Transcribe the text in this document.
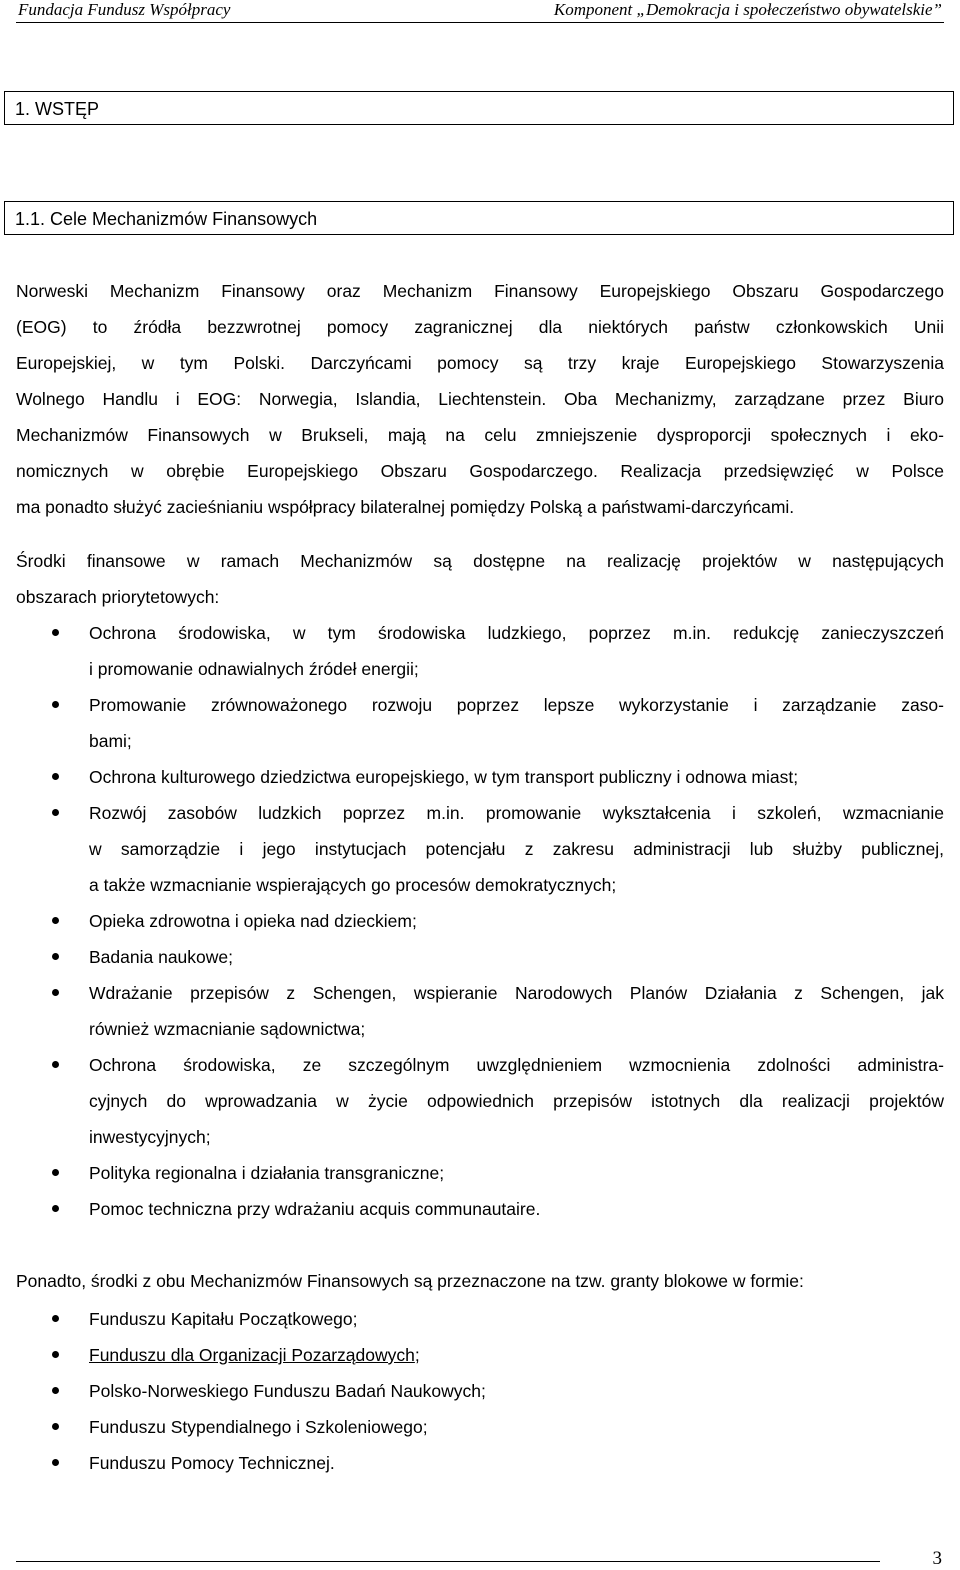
Fundacja Fundusz Współpracy	Komponent „Demokracja i społeczeństwo obywatelskie”
1. WSTĘP
1.1. Cele Mechanizmów Finansowych
Norweski Mechanizm Finansowy oraz Mechanizm Finansowy Europejskiego Obszaru Gospodarczego
(EOG) to źródła bezzwrotnej pomocy zagranicznej dla niektórych państw członkowskich Unii
Europejskiej, w tym Polski. Darczyńcami pomocy są trzy kraje Europejskiego Stowarzyszenia
Wolnego Handlu i EOG: Norwegia, Islandia, Liechtenstein. Oba Mechanizmy, zarządzane przez Biuro
Mechanizmów Finansowych w Brukseli, mają na celu zmniejszenie dysproporcji społecznych i eko-
nomicznych w obrębie Europejskiego Obszaru Gospodarczego. Realizacja przedsięwzięć w Polsce
ma ponadto służyć zacieśnianiu współpracy bilateralnej pomiędzy Polską a państwami-darczyńcami.
Środki finansowe w ramach Mechanizmów są dostępne na realizację projektów w następujących
obszarach priorytetowych:
Ochrona środowiska, w tym środowiska ludzkiego, poprzez m.in. redukcję zanieczyszczeń
i promowanie odnawialnych źródeł energii;
Promowanie zrównoważonego rozwoju poprzez lepsze wykorzystanie i zarządzanie zaso-
bami;
Ochrona kulturowego dziedzictwa europejskiego, w tym transport publiczny i odnowa miast;
Rozwój zasobów ludzkich poprzez m.in. promowanie wykształcenia i szkoleń, wzmacnianie
w samorządzie i jego instytucjach potencjału z zakresu administracji lub służby publicznej,
a także wzmacnianie wspierających go procesów demokratycznych;
Opieka zdrowotna i opieka nad dzieckiem;
Badania naukowe;
Wdrażanie przepisów z Schengen, wspieranie Narodowych Planów Działania z Schengen, jak
również wzmacnianie sądownictwa;
Ochrona środowiska, ze szczególnym uwzględnieniem wzmocnienia zdolności administra-
cyjnych do wprowadzania w życie odpowiednich przepisów istotnych dla realizacji projektów
inwestycyjnych;
Polityka regionalna i działania transgraniczne;
Pomoc techniczna przy wdrażaniu acquis communautaire.
Ponadto, środki z obu Mechanizmów Finansowych są przeznaczone na tzw. granty blokowe w formie:
Funduszu Kapitału Początkowego;
Funduszu dla Organizacji Pozarządowych;
Polsko-Norweskiego Funduszu Badań Naukowych;
Funduszu Stypendialnego i Szkoleniowego;
Funduszu Pomocy Technicznej.
3
